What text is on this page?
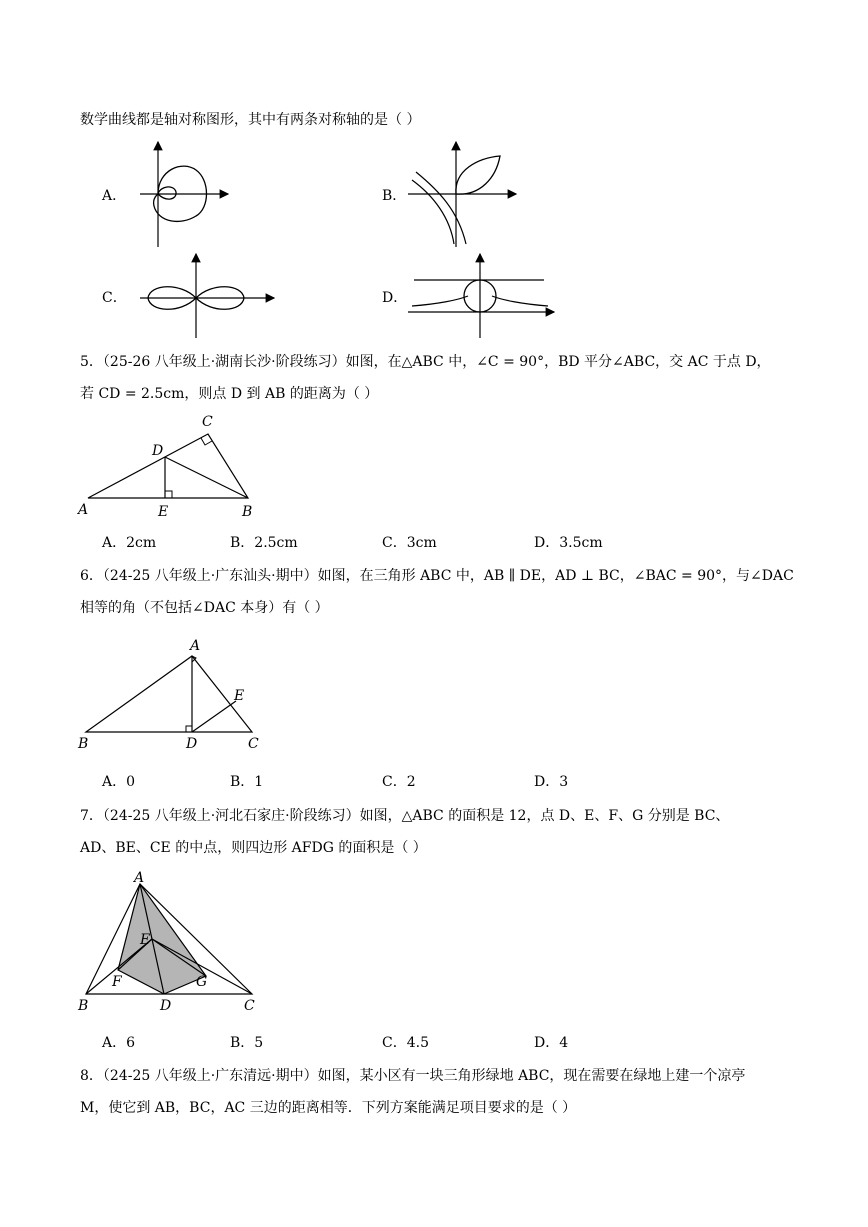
数学曲线都是轴对称图形，其中有两条对称轴的是（ ）
A．	B．
C．	D．
5．（25-26 八年级上·湖南长沙·阶段练习）如图，在△ABC 中，∠C = 90°，BD 平分∠ABC，交 AC 于点 D，
若 CD = 2.5cm，则点 D 到 AB 的距离为（ ）
C
D
A	E	B
A．2cm	B．2.5cm	C．3cm	D．3.5cm
6．（24-25 八年级上·广东汕头·期中）如图，在三角形 ABC 中，AB ∥ DE，AD ⊥ BC，∠BAC = 90°，与∠DAC
相等的角（不包括∠DAC 本身）有（ ）
A
E
B	D	C
A．0	B．1	C．2	D．3
7．（24-25 八年级上·河北石家庄·阶段练习）如图，△ABC 的面积是 12，点 D、E、F、G 分别是 BC、
AD、BE、CE 的中点，则四边形 AFDG 的面积是（ ）
A
E
F	G
B	D	C
A．6	B．5	C．4.5	D．4
8．（24-25 八年级上·广东清远·期中）如图，某小区有一块三角形绿地 ABC，现在需要在绿地上建一个凉亭
M，使它到 AB，BC，AC 三边的距离相等．下列方案能满足项目要求的是（ ）
